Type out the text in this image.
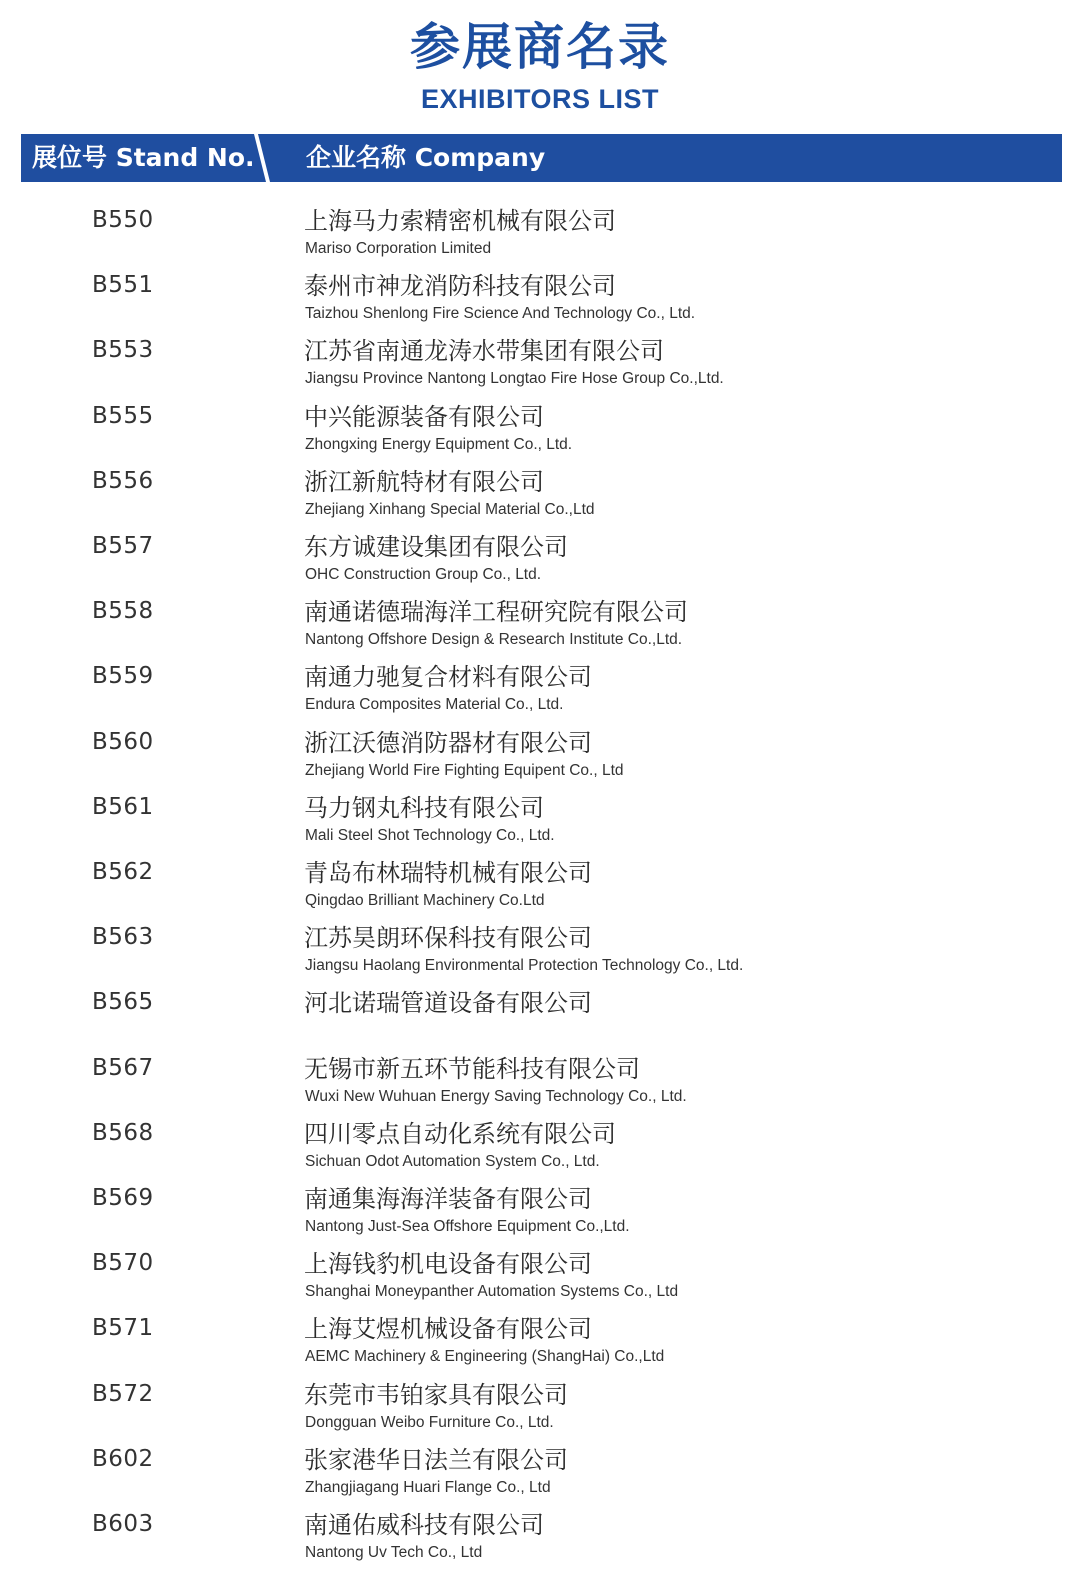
参展商名录
EXHIBITORS LIST
展位号 Stand No. 企业名称 Company
B550	上海马力索精密机械有限公司
Mariso Corporation Limited
B551	泰州市神龙消防科技有限公司
Taizhou Shenlong Fire Science And Technology Co., Ltd.
B553	江苏省南通龙涛水带集团有限公司
Jiangsu Province Nantong Longtao Fire Hose Group Co.,Ltd.
B555	中兴能源装备有限公司
Zhongxing Energy Equipment Co., Ltd.
B556	浙江新航特材有限公司
Zhejiang Xinhang Special Material Co.,Ltd
B557	东方诚建设集团有限公司
OHC Construction Group Co., Ltd.
B558	南通诺德瑞海洋工程研究院有限公司
Nantong Offshore Design & Research Institute Co.,Ltd.
B559	南通力驰复合材料有限公司
Endura Composites Material Co., Ltd.
B560	浙江沃德消防器材有限公司
Zhejiang World Fire Fighting Equipent Co., Ltd
B561	马力钢丸科技有限公司
Mali Steel Shot Technology Co., Ltd.
B562	青岛布林瑞特机械有限公司
Qingdao Brilliant Machinery Co.Ltd
B563	江苏昊朗环保科技有限公司
Jiangsu Haolang Environmental Protection Technology Co., Ltd.
B565	河北诺瑞管道设备有限公司
B567	无锡市新五环节能科技有限公司
Wuxi New Wuhuan Energy Saving Technology Co., Ltd.
B568	四川零点自动化系统有限公司
Sichuan Odot Automation System Co., Ltd.
B569	南通集海海洋装备有限公司
Nantong Just-Sea Offshore Equipment Co.,Ltd.
B570	上海钱豹机电设备有限公司
Shanghai Moneypanther Automation Systems Co., Ltd
B571	上海艾煜机械设备有限公司
AEMC Machinery & Engineering (ShangHai) Co.,Ltd
B572	东莞市韦铂家具有限公司
Dongguan Weibo Furniture Co., Ltd.
B602	张家港华日法兰有限公司
Zhangjiagang Huari Flange Co., Ltd
B603	南通佑威科技有限公司
Nantong Uv Tech Co., Ltd
